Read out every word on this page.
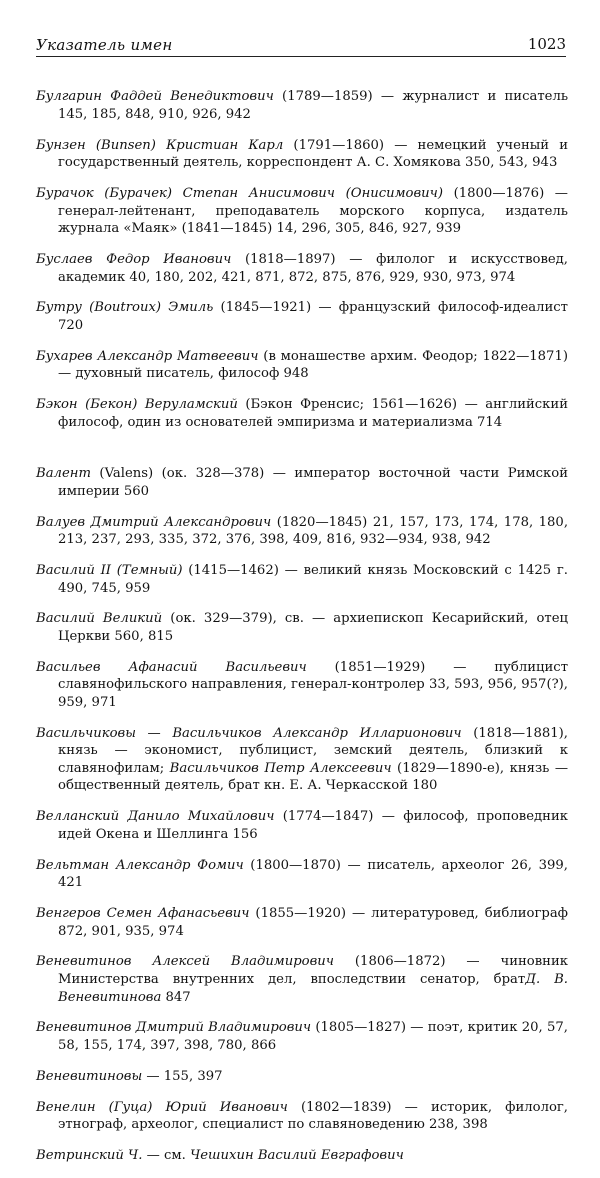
Указатель имен	1023

Булгарин Фаддей Венедиктович (1789—1859) — журналист и писатель 145, 185, 848, 910, 926, 942

Бунзен (Bunsen) Кристиан Карл (1791—1860) — немецкий ученый и государственный деятель, корреспондент А. С. Хомякова 350, 543, 943

Бурачок (Бурачек) Степан Анисимович (Онисимович) (1800—1876) — генерал-лейтенант, преподаватель морского корпуса, издатель журнала «Маяк» (1841—1845) 14, 296, 305, 846, 927, 939

Буслаев Федор Иванович (1818—1897) — филолог и искусствовед, академик 40, 180, 202, 421, 871, 872, 875, 876, 929, 930, 973, 974

Бутру (Boutroux) Эмиль (1845—1921) — французский философ-идеалист 720

Бухарев Александр Матвеевич (в монашестве архим. Феодор; 1822—1871) — духовный писатель, философ 948

Бэкон (Бекон) Веруламский (Бэкон Френсис; 1561—1626) — английский философ, один из основателей эмпиризма и материализма 714

Валент (Valens) (ок. 328—378) — император восточной части Римской империи 560

Валуев Дмитрий Александрович (1820—1845) 21, 157, 173, 174, 178, 180, 213, 237, 293, 335, 372, 376, 398, 409, 816, 932—934, 938, 942

Василий II (Темный) (1415—1462) — великий князь Московский с 1425 г. 490, 745, 959

Василий Великий (ок. 329—379), св. — архиепископ Кесарийский, отец Церкви 560, 815

Васильев Афанасий Васильевич (1851—1929) — публицист славянофильского направления, генерал-контролер 33, 593, 956, 957(?), 959, 971

Васильчиковы — Васильчиков Александр Илларионович (1818—1881), князь — экономист, публицист, земский деятель, близкий к славянофилам; Васильчиков Петр Алексеевич (1829—1890-е), князь — общественный деятель, брат кн. Е. А. Черкасской 180

Велланский Данило Михайлович (1774—1847) — философ, проповедник идей Окена и Шеллинга 156

Вельтман Александр Фомич (1800—1870) — писатель, археолог 26, 399, 421

Венгеров Семен Афанасьевич (1855—1920) — литературовед, библиограф 872, 901, 935, 974

Веневитинов Алексей Владимирович (1806—1872) — чиновник Министерства внутренних дел, впоследствии сенатор, братД. В. Веневитинова 847

Веневитинов Дмитрий Владимирович (1805—1827) — поэт, критик 20, 57, 58, 155, 174, 397, 398, 780, 866

Веневитиновы — 155, 397

Венелин (Гуца) Юрий Иванович (1802—1839) — историк, филолог, этнограф, археолог, специалист по славяноведению 238, 398

Ветринский Ч. — см. Чешихин Василий Евграфович
